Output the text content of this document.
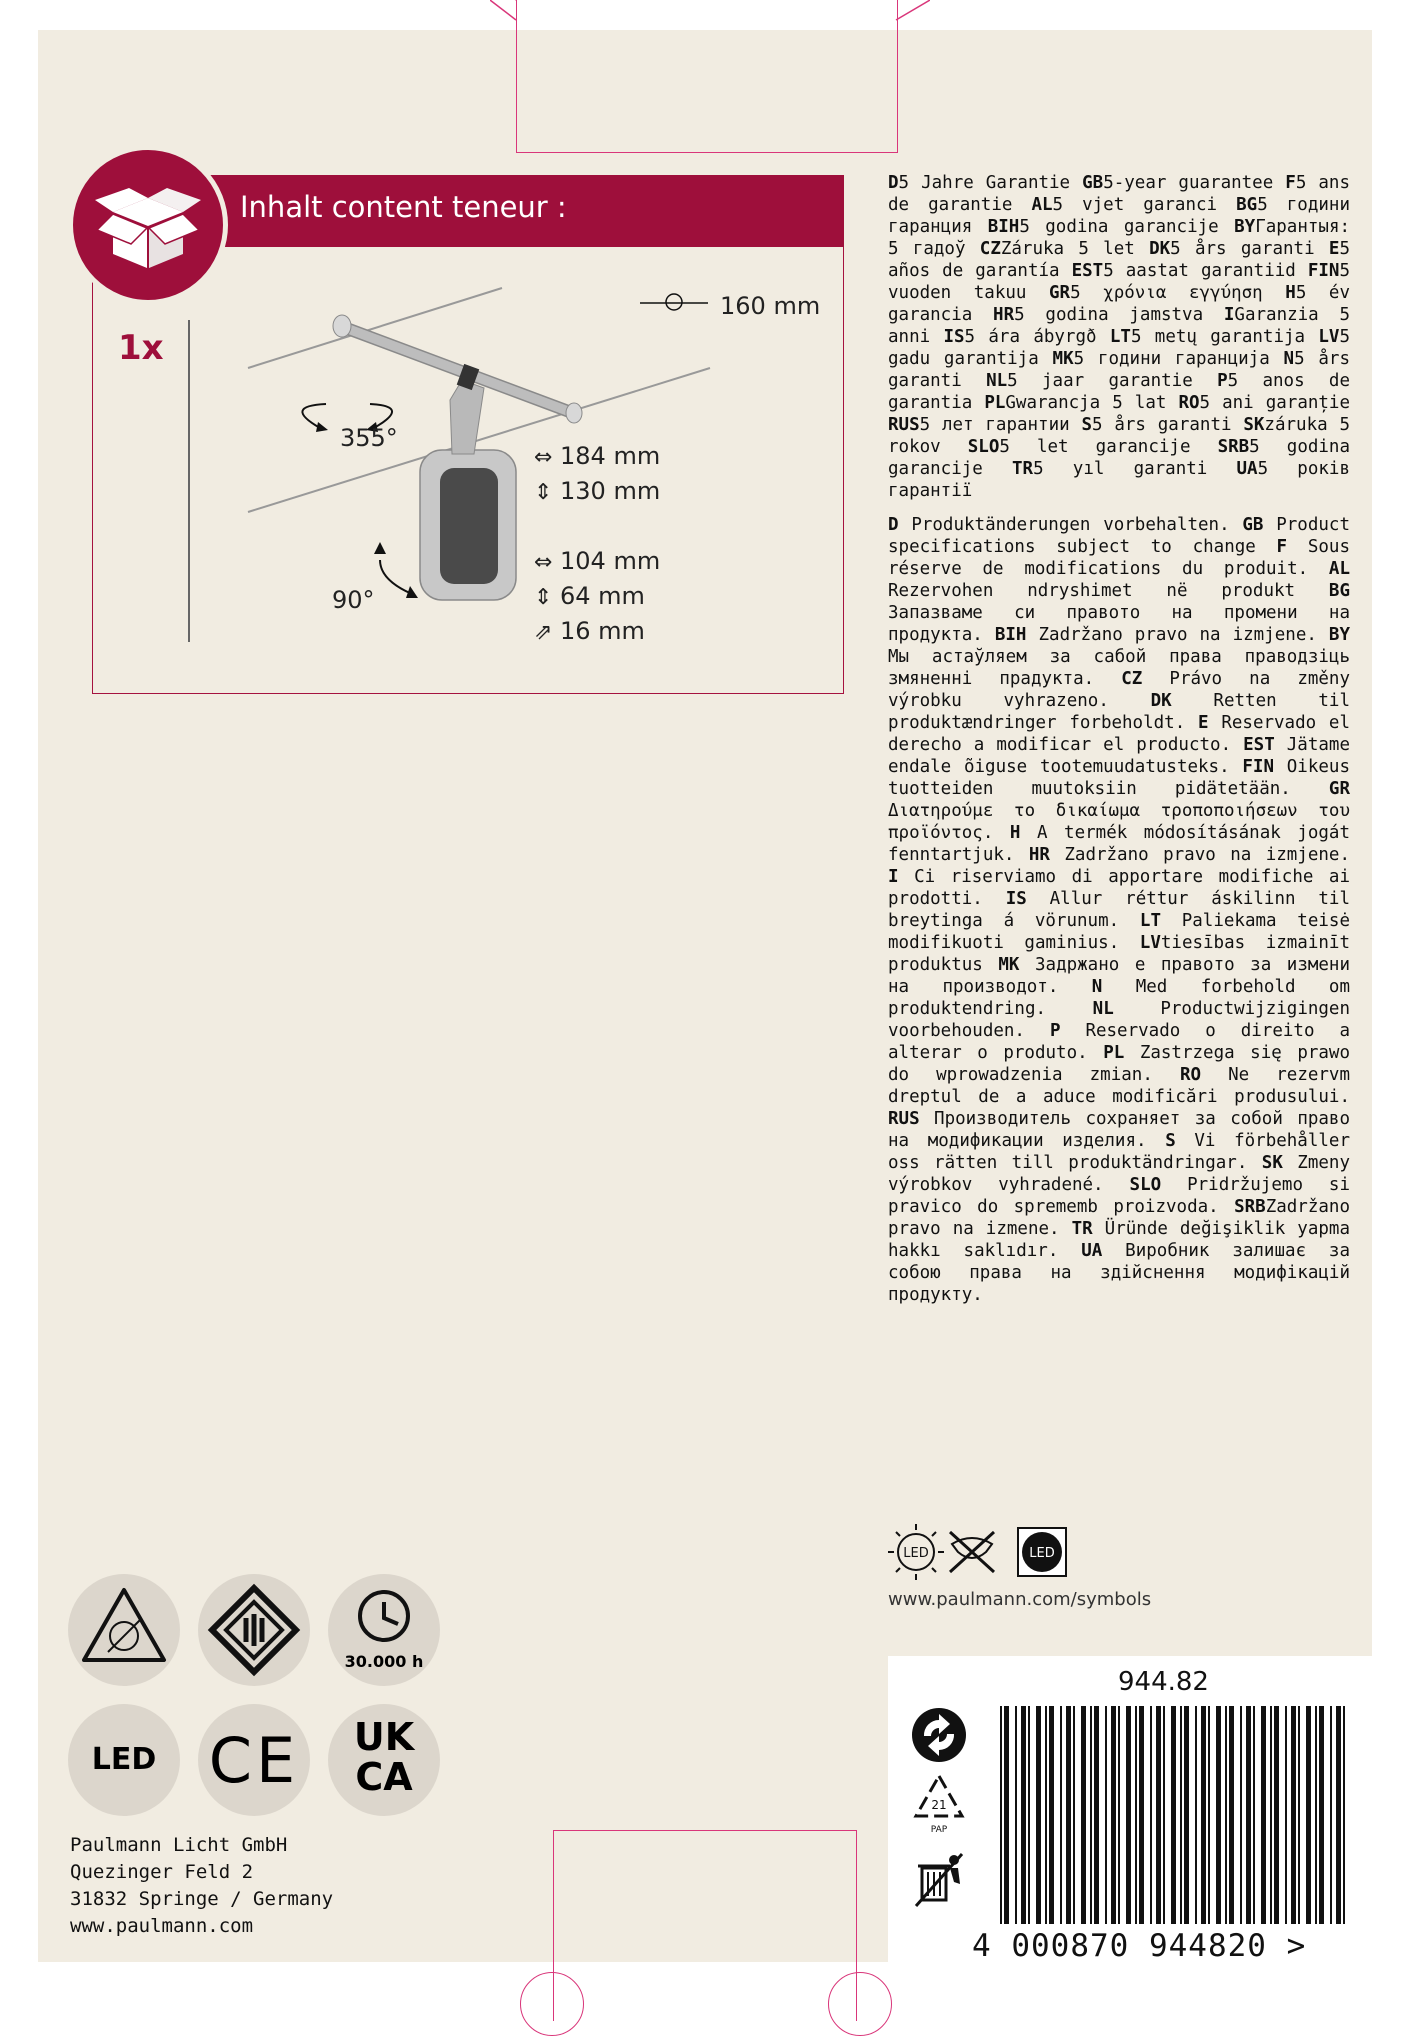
Inhalt content teneur :
1x
160 mm
355°
90°
⇔ 184 mm
⇕ 130 mm
⇔ 104 mm
⇕ 64 mm
⇗ 16 mm
D5 Jahre Garantie GB5-year guarantee F5 ans de garantie AL5 vjet garanci BG5 години гаранция BIH5 godina garancije BYГарантыя: 5 гадоў CZZáruka 5 let DK5 års garanti E5 años de garantía EST5 aastat garantiid FIN5 vuoden takuu GR5 χρόνια εγγύηση H5 év garancia HR5 godina jamstva IGaranzia 5 anni IS5 ára ábyrgð LT5 metų garantija LV5 gadu garantija MK5 години гаранција N5 års garanti NL5 jaar garantie P5 anos de garantia PLGwarancja 5 lat RO5 ani garanție RUS5 лет гарантии S5 års garanti SKzáruka 5 rokov SLO5 let garancije SRB5 godina garancije TR5 yıl garanti UA5 років гарантії
D Produktänderungen vorbehalten. GB Product specifications subject to change F Sous réserve de modifications du produit. AL Rezervohen ndryshimet në produkt BG Запазваме си правото на промени на продукта. BIH Zadržano pravo na izmjene. BY Мы астаўляем за сабой права праводзіць змяненні прадукта. CZ Právo na změny výrobku vyhrazeno. DK Retten til produktændringer forbeholdt. E Reservado el derecho a modificar el producto. EST Jätame endale õiguse tootemuudatusteks. FIN Oikeus tuotteiden muutoksiin pidätetään. GR Διατηρούμε το δικαίωμα τροποποιήσεων του προϊόντος. H A termék módosításának jogát fenntartjuk. HR Zadržano pravo na izmjene. I Ci riserviamo di apportare modifiche ai prodotti. IS Allur réttur áskilinn til breytinga á vörunum. LT Paliekama teisė modifikuoti gaminius. LVtiesības izmainīt produktus MK Задржано е правото за измени на производот. N Med forbehold om produktendring. NL Productwijzigingen voorbehouden. P Reservado o direito a alterar o produto. PL Zastrzega się prawo do wprowadzenia zmian. RO Ne rezervm dreptul de a aduce modificări produsului. RUS Производитель сохраняет за собой право на модификации изделия. S Vi förbehåller oss rätten till produktändringar. SK Zmeny výrobkov vyhradené. SLO Pridržujemo si pravico do sprememb proizvoda. SRBZadržano pravo na izmene. TR Üründe değişiklik yapma hakkı saklıdır. UA Виробник залишає за собою права на здійснення модифікацій продукту.
LED	LED
www.paulmann.com/symbols
30.000 h
LED CE	UK
CA
Paulmann Licht GmbH
Quezinger Feld 2
31832 Springe / Germany
www.paulmann.com
944.82
21
PAP
4 000870 944820 >
